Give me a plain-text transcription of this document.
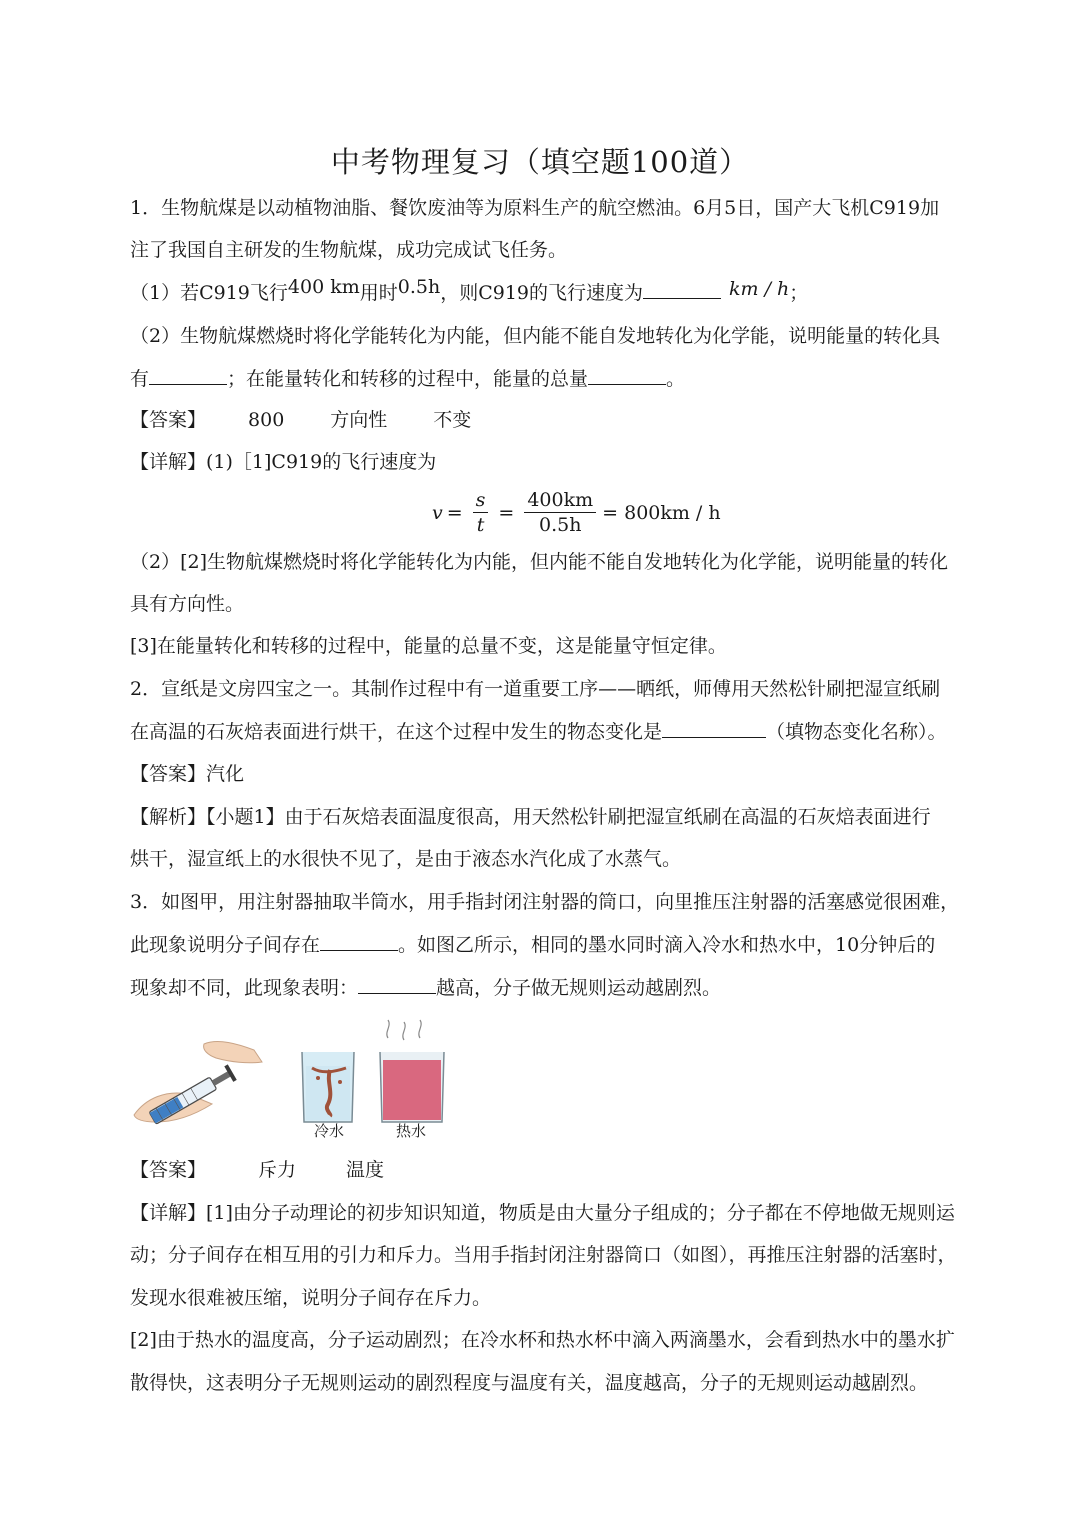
中考物理复习（填空题100道）
1．生物航煤是以动植物油脂、餐饮废油等为原料生产的航空燃油。6月5日，国产大飞机C919加
注了我国自主研发的生物航煤，成功完成试飞任务。
（1）若C919飞行400 km用时0.5h，则C919的飞行速度为	km / h；
（2）生物航煤燃烧时将化学能转化为内能，但内能不能自发地转化为化学能，说明能量的转化具
有	；在能量转化和转移的过程中，能量的总量	。
【答案】 800 方向性 不变
【详解】(1)［1]C919的飞行速度为
$v = \frac{s}{t} = \frac{400km}{0.5h} = 800km / h$
（2）[2]生物航煤燃烧时将化学能转化为内能，但内能不能自发地转化为化学能，说明能量的转化
具有方向性。
[3]在能量转化和转移的过程中，能量的总量不变，这是能量守恒定律。
2．宣纸是文房四宝之一。其制作过程中有一道重要工序——晒纸，师傅用天然松针刷把湿宣纸刷
在高温的石灰焙表面进行烘干，在这个过程中发生的物态变化是	（填物态变化名称）。
【答案】汽化
【解析】【小题1】由于石灰焙表面温度很高，用天然松针刷把湿宣纸刷在高温的石灰焙表面进行
烘干，湿宣纸上的水很快不见了，是由于液态水汽化成了水蒸气。
3．如图甲，用注射器抽取半筒水，用手指封闭注射器的筒口，向里推压注射器的活塞感觉很困难，
此现象说明分子间存在	。如图乙所示，相同的墨水同时滴入冷水和热水中，10分钟后的
现象却不同，此现象表明：	越高，分子做无规则运动越剧烈。
冷水	热水
【答案】	斥力	温度
【详解】[1]由分子动理论的初步知识知道，物质是由大量分子组成的；分子都在不停地做无规则运
动；分子间存在相互用的引力和斥力。当用手指封闭注射器筒口（如图），再推压注射器的活塞时，
发现水很难被压缩，说明分子间存在斥力。
[2]由于热水的温度高，分子运动剧烈；在冷水杯和热水杯中滴入两滴墨水，会看到热水中的墨水扩
散得快，这表明分子无规则运动的剧烈程度与温度有关，温度越高，分子的无规则运动越剧烈。
